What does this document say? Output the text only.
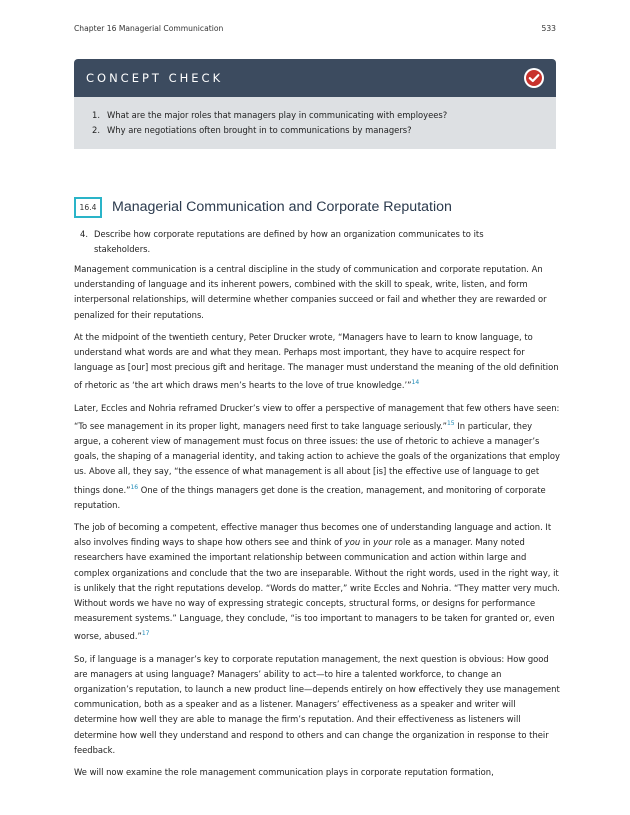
Chapter 16 Managerial Communication	533
CONCEPT CHECK
1. What are the major roles that managers play in communicating with employees?
2. Why are negotiations often brought in to communications by managers?
16.4	Managerial Communication and Corporate Reputation
4. Describe how corporate reputations are defined by how an organization communicates to its
stakeholders.

Management communication is a central discipline in the study of communication and corporate reputation. An understanding of language and its inherent powers, combined with the skill to speak, write, listen, and form interpersonal relationships, will determine whether companies succeed or fail and whether they are rewarded or penalized for their reputations.

At the midpoint of the twentieth century, Peter Drucker wrote, “Managers have to learn to know language, to understand what words are and what they mean. Perhaps most important, they have to acquire respect for language as [our] most precious gift and heritage. The manager must understand the meaning of the old definition of rhetoric as ‘the art which draws men’s hearts to the love of true knowledge.’”$^{14}$

Later, Eccles and Nohria reframed Drucker’s view to offer a perspective of management that few others have seen: “To see management in its proper light, managers need first to take language seriously.”$^{15}$ In particular, they argue, a coherent view of management must focus on three issues: the use of rhetoric to achieve a manager’s goals, the shaping of a managerial identity, and taking action to achieve the goals of the organizations that employ us. Above all, they say, “the essence of what management is all about [is] the effective use of language to get things done.”$^{16}$ One of the things managers get done is the creation, management, and monitoring of corporate reputation.

The job of becoming a competent, effective manager thus becomes one of understanding language and action. It also involves finding ways to shape how others see and think of you in your role as a manager. Many noted researchers have examined the important relationship between communication and action within large and complex organizations and conclude that the two are inseparable. Without the right words, used in the right way, it is unlikely that the right reputations develop. “Words do matter,” write Eccles and Nohria. “They matter very much. Without words we have no way of expressing strategic concepts, structural forms, or designs for performance measurement systems.” Language, they conclude, “is too important to managers to be taken for granted or, even worse, abused.”$^{17}$

So, if language is a manager’s key to corporate reputation management, the next question is obvious: How good are managers at using language? Managers’ ability to act—to hire a talented workforce, to change an organization’s reputation, to launch a new product line—depends entirely on how effectively they use management communication, both as a speaker and as a listener. Managers’ effectiveness as a speaker and writer will determine how well they are able to manage the firm’s reputation. And their effectiveness as listeners will determine how well they understand and respond to others and can change the organization in response to their feedback.

We will now examine the role management communication plays in corporate reputation formation,
